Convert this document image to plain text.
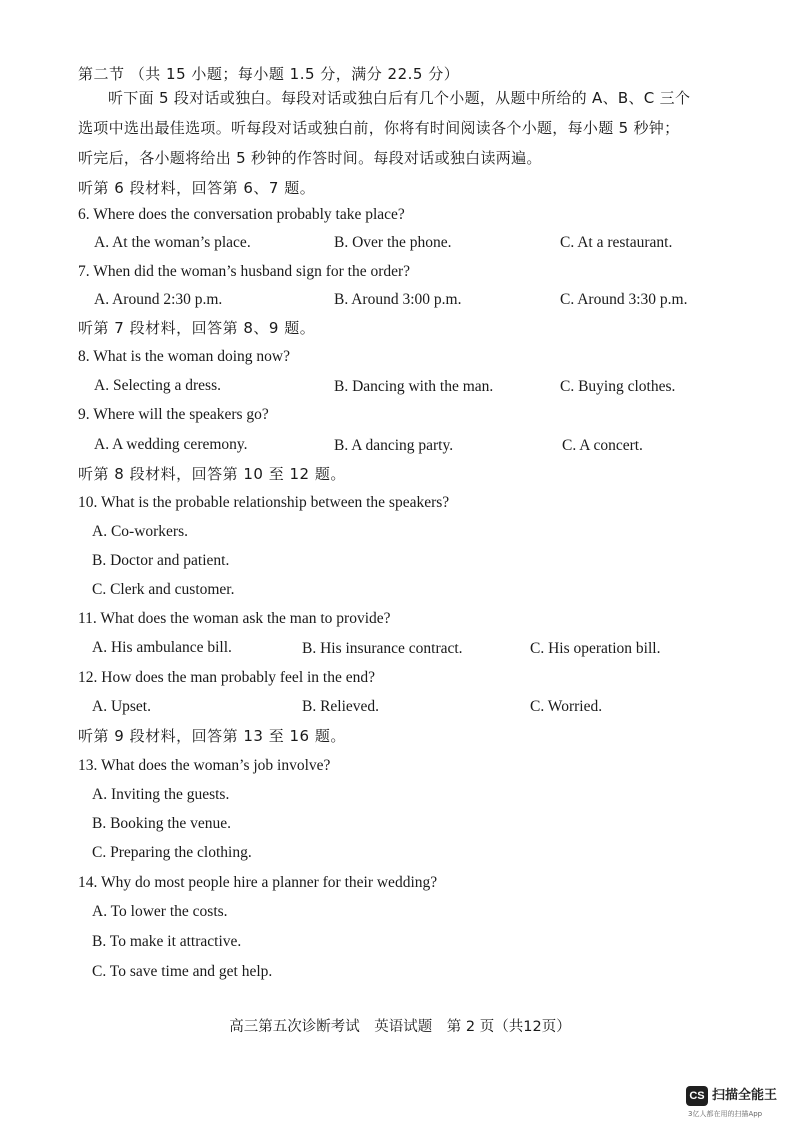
第二节 （共 15 小题；每小题 1.5 分，满分 22.5 分）
听下面 5 段对话或独白。每段对话或独白后有几个小题，从题中所给的 A、B、C 三个选项中选出最佳选项。听每段对话或独白前，你将有时间阅读各个小题，每小题 5 秒钟；听完后，各小题将给出 5 秒钟的作答时间。每段对话或独白读两遍。
听第 6 段材料，回答第 6、7 题。
6. Where does the conversation probably take place?
A. At the woman’s place.	B. Over the phone.	C. At a restaurant.
7. When did the woman’s husband sign for the order?
A. Around 2:30 p.m.	B. Around 3:00 p.m.	C. Around 3:30 p.m.
听第 7 段材料，回答第 8、9 题。
8. What is the woman doing now?
A. Selecting a dress.	B. Dancing with the man.	C. Buying clothes.
9. Where will the speakers go?
A. A wedding ceremony.	B. A dancing party.	C. A concert.
听第 8 段材料，回答第 10 至 12 题。
10. What is the probable relationship between the speakers?
A. Co-workers.
B. Doctor and patient.
C. Clerk and customer.
11. What does the woman ask the man to provide?
A. His ambulance bill.	B. His insurance contract.	C. His operation bill.
12. How does the man probably feel in the end?
A. Upset.	B. Relieved.	C. Worried.
听第 9 段材料，回答第 13 至 16 题。
13. What does the woman’s job involve?
A. Inviting the guests.
B. Booking the venue.
C. Preparing the clothing.
14. Why do most people hire a planner for their wedding?
A. To lower the costs.
B. To make it attractive.
C. To save time and get help.
高三第五次诊断考试　英语试题　第 2 页（共12页）
CS 扫描全能王
3亿人都在用的扫描App
